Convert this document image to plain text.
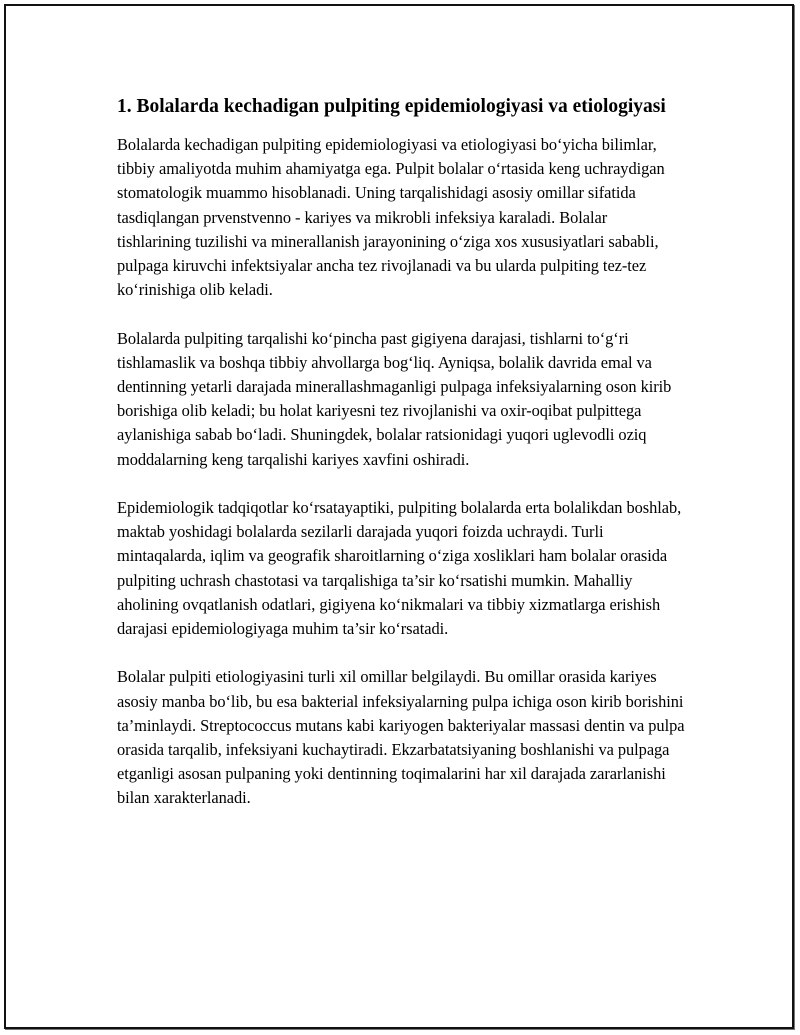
1. Bolalarda kechadigan pulpiting epidemiologiyasi va etiologiyasi

Bolalarda kechadigan pulpiting epidemiologiyasi va etiologiyasi bo‘yicha bilimlar, tibbiy amaliyotda muhim ahamiyatga ega. Pulpit bolalar o‘rtasida keng uchraydigan stomatologik muammo hisoblanadi. Uning tarqalishidagi asosiy omillar sifatida tasdiqlangan prvenstvenno - kariyes va mikrobli infeksiya karaladi. Bolalar tishlarining tuzilishi va minerallanish jarayonining o‘ziga xos xususiyatlari sababli, pulpaga kiruvchi infektsiyalar ancha tez rivojlanadi va bu ularda pulpiting tez-tez ko‘rinishiga olib keladi.

Bolalarda pulpiting tarqalishi ko‘pincha past gigiyena darajasi, tishlarni to‘g‘ri tishlamaslik va boshqa tibbiy ahvollarga bog‘liq. Ayniqsa, bolalik davrida emal va dentinning yetarli darajada minerallashmaganligi pulpaga infeksiyalarning oson kirib borishiga olib keladi; bu holat kariyesni tez rivojlanishi va oxir-oqibat pulpittega aylanishiga sabab bo‘ladi. Shuningdek, bolalar ratsionidagi yuqori uglevodli oziq moddalarning keng tarqalishi kariyes xavfini oshiradi.

Epidemiologik tadqiqotlar ko‘rsatayaptiki, pulpiting bolalarda erta bolalikdan boshlab, maktab yoshidagi bolalarda sezilarli darajada yuqori foizda uchraydi. Turli mintaqalarda, iqlim va geografik sharoitlarning o‘ziga xosliklari ham bolalar orasida pulpiting uchrash chastotasi va tarqalishiga ta’sir ko‘rsatishi mumkin. Mahalliy aholining ovqatlanish odatlari, gigiyena ko‘nikmalari va tibbiy xizmatlarga erishish darajasi epidemiologiyaga muhim ta’sir ko‘rsatadi.

Bolalar pulpiti etiologiyasini turli xil omillar belgilaydi. Bu omillar orasida kariyes asosiy manba bo‘lib, bu esa bakterial infeksiyalarning pulpa ichiga oson kirib borishini ta’minlaydi. Streptococcus mutans kabi kariyogen bakteriyalar massasi dentin va pulpa orasida tarqalib, infeksiyani kuchaytiradi. Ekzarbatatsiyaning boshlanishi va pulpaga etganligi asosan pulpaning yoki dentinning toqimalarini har xil darajada zararlanishi bilan xarakterlanadi.
